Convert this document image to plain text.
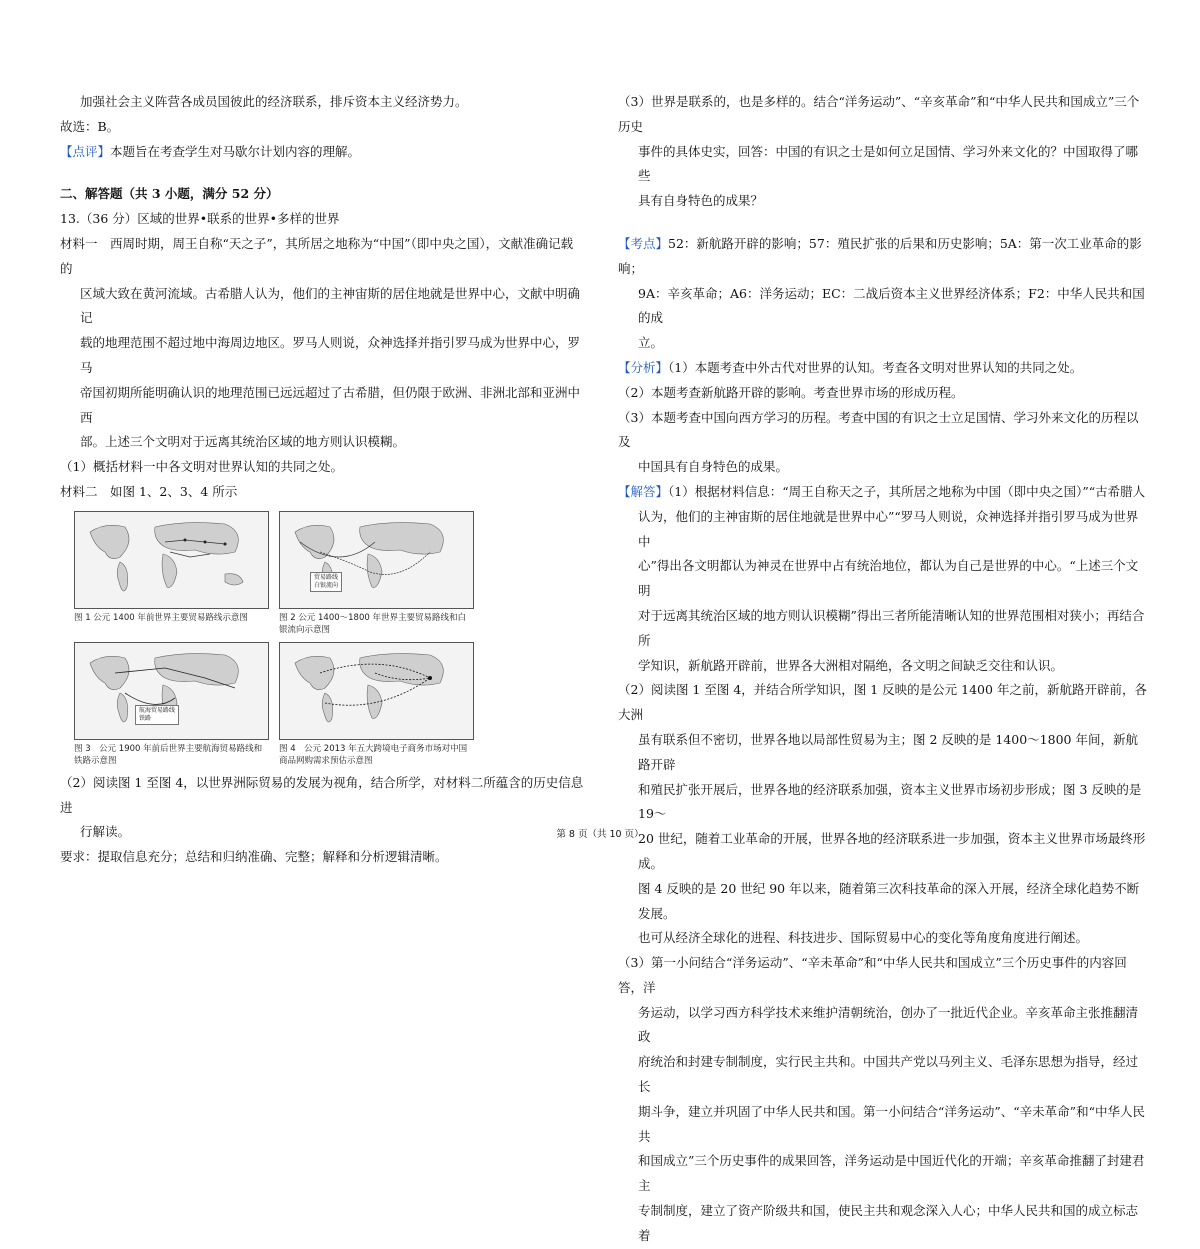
加强社会主义阵营各成员国彼此的经济联系，排斥资本主义经济势力。

故选：B。

【点评】本题旨在考查学生对马歇尔计划内容的理解。

二、解答题（共 3 小题，满分 52 分）

13.（36 分）区域的世界•联系的世界•多样的世界

材料一　西周时期，周王自称“天之子”，其所居之地称为“中国”（即中央之国），文献准确记载的

区域大致在黄河流域。古希腊人认为，他们的主神宙斯的居住地就是世界中心，文献中明确记

载的地理范围不超过地中海周边地区。罗马人则说，众神选择并指引罗马成为世界中心，罗马

帝国初期所能明确认识的地理范围已远远超过了古希腊，但仍限于欧洲、非洲北部和亚洲中西

部。上述三个文明对于远离其统治区域的地方则认识模糊。

（1）概括材料一中各文明对世界认知的共同之处。

材料二　如图 1、2、3、4 所示

图 1 公元 1400 年前世界主要贸易路线示意图
贸易路线
白银流向
图 2 公元 1400～1800 年世界主要贸易路线和白银流向示意图
航海贸易路线
铁路
图 3　公元 1900 年前后世界主要航海贸易路线和铁路示意图
图 4　公元 2013 年五大跨境电子商务市场对中国商品网购需求预估示意图

（2）阅读图 1 至图 4，以世界洲际贸易的发展为视角，结合所学，对材料二所蕴含的历史信息进

行解读。

要求：提取信息充分；总结和归纳准确、完整；解释和分析逻辑清晰。

（3）世界是联系的，也是多样的。结合“洋务运动”、“辛亥革命”和“中华人民共和国成立”三个历史

事件的具体史实，回答：中国的有识之士是如何立足国情、学习外来文化的？中国取得了哪些

具有自身特色的成果？

【考点】52：新航路开辟的影响；57：殖民扩张的后果和历史影响；5A：第一次工业革命的影响；

9A：辛亥革命；A6：洋务运动；EC：二战后资本主义世界经济体系；F2：中华人民共和国的成

立。

【分析】（1）本题考查中外古代对世界的认知。考查各文明对世界认知的共同之处。

（2）本题考查新航路开辟的影响。考查世界市场的形成历程。

（3）本题考查中国向西方学习的历程。考查中国的有识之士立足国情、学习外来文化的历程以及

中国具有自身特色的成果。

【解答】（1）根据材料信息：“周王自称天之子，其所居之地称为中国（即中央之国）”“古希腊人

认为，他们的主神宙斯的居住地就是世界中心”“罗马人则说，众神选择并指引罗马成为世界中

心”得出各文明都认为神灵在世界中占有统治地位，都认为自己是世界的中心。“上述三个文明

对于远离其统治区域的地方则认识模糊”得出三者所能清晰认知的世界范围相对狭小；再结合所

学知识，新航路开辟前，世界各大洲相对隔绝，各文明之间缺乏交往和认识。

（2）阅读图 1 至图 4，并结合所学知识，图 1 反映的是公元 1400 年之前，新航路开辟前，各大洲

虽有联系但不密切，世界各地以局部性贸易为主；图 2 反映的是 1400～1800 年间，新航路开辟

和殖民扩张开展后，世界各地的经济联系加强，资本主义世界市场初步形成；图 3 反映的是 19～

20 世纪，随着工业革命的开展，世界各地的经济联系进一步加强，资本主义世界市场最终形成。

图 4 反映的是 20 世纪 90 年以来，随着第三次科技革命的深入开展，经济全球化趋势不断发展。

也可从经济全球化的进程、科技进步、国际贸易中心的变化等角度角度进行阐述。

（3）第一小问结合“洋务运动”、“辛未革命”和“中华人民共和国成立”三个历史事件的内容回答，洋

务运动，以学习西方科学技术来维护清朝统治，创办了一批近代企业。辛亥革命主张推翻清政

府统治和封建专制制度，实行民主共和。中国共产党以马列主义、毛泽东思想为指导，经过长

期斗争，建立并巩固了中华人民共和国。第一小问结合“洋务运动”、“辛未革命”和“中华人民共

和国成立”三个历史事件的成果回答，洋务运动是中国近代化的开端；辛亥革命推翻了封建君主

专制制度，建立了资产阶级共和国，使民主共和观念深入人心；中华人民共和国的成立标志着

第 8 页（共 10 页）
